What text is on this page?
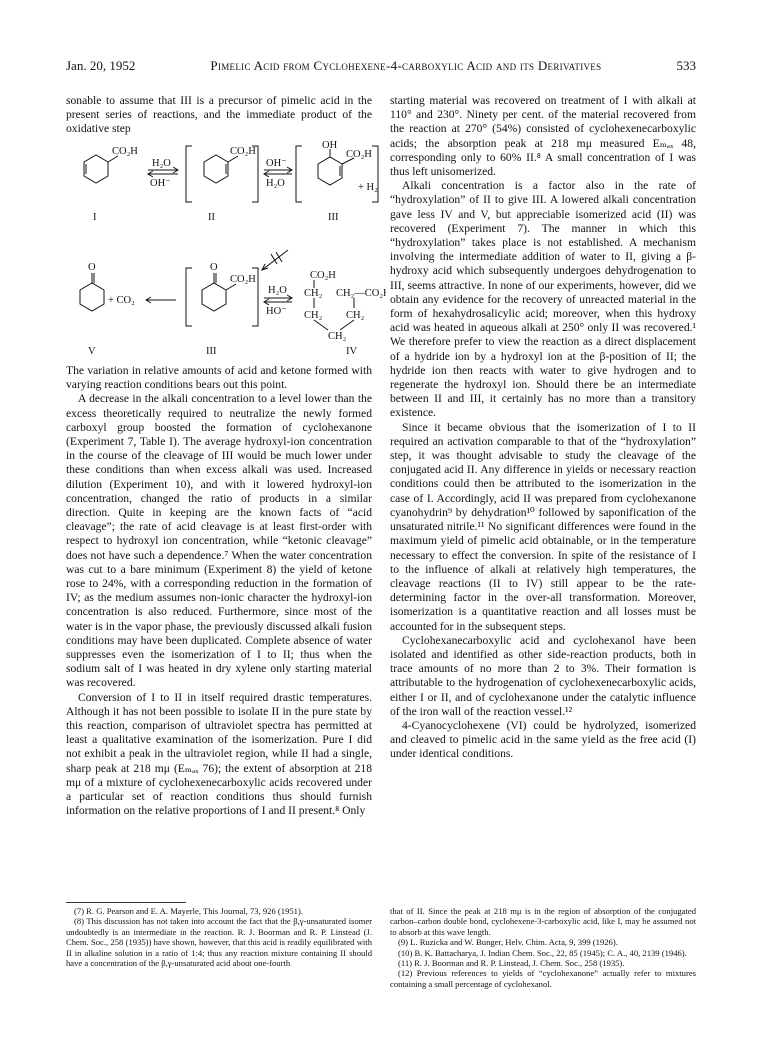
Jan. 20, 1952	Pimelic Acid from Cyclohexene-4-carboxylic Acid and its Derivatives	533

sonable to assume that III is a precursor of pimelic acid in the present series of reactions, and the immediate product of the oxidative step

CO₂H
H₂O
OH⁻
CO₂H
OH⁻
H₂O
OH
CO₂H
+ H₂
I	II	III
O
+ CO₂
O
CO₂H
H₂O
HO⁻
CO₂H
CH₂ CH₂—CO₂H
CH₂ CH₂
CH₂
V	III	IV

The variation in relative amounts of acid and ketone formed with varying reaction conditions bears out this point.

A decrease in the alkali concentration to a level lower than the excess theoretically required to neutralize the newly formed carboxyl group boosted the formation of cyclohexanone (Experiment 7, Table I). The average hydroxyl-ion concentration in the course of the cleavage of III would be much lower under these conditions than when excess alkali was used. Increased dilution (Experiment 10), and with it lowered hydroxyl-ion concentration, changed the ratio of products in a similar direction. Quite in keeping are the known facts of “acid cleavage”; the rate of acid cleavage is at least first-order with respect to hydroxyl ion concentration, while “ketonic cleavage” does not have such a dependence.⁷ When the water concentration was cut to a bare minimum (Experiment 8) the yield of ketone rose to 24%, with a corresponding reduction in the formation of IV; as the medium assumes non-ionic character the hydroxyl-ion concentration is also reduced. Furthermore, since most of the water is in the vapor phase, the previously discussed alkali fusion conditions may have been duplicated. Complete absence of water suppresses even the isomerization of I to II; thus when the sodium salt of I was heated in dry xylene only starting material was recovered.

Conversion of I to II in itself required drastic temperatures. Although it has not been possible to isolate II in the pure state by this reaction, comparison of ultraviolet spectra has permitted at least a qualitative examination of the isomerization. Pure I did not exhibit a peak in the ultraviolet region, while II had a single, sharp peak at 218 mμ (Eₘₐₓ 76); the extent of absorption at 218 mμ of a mixture of cyclohexenecarboxylic acids recovered under a particular set of reaction conditions thus should furnish information on the relative proportions of I and II present.⁸ Only

starting material was recovered on treatment of I with alkali at 110° and 230°. Ninety per cent. of the material recovered from the reaction at 270° (54%) consisted of cyclohexenecarboxylic acids; the absorption peak at 218 mμ measured Eₘₐₓ 48, corresponding only to 60% II.⁸ A small concentration of I was thus left unisomerized.

Alkali concentration is a factor also in the rate of “hydroxylation” of II to give III. A lowered alkali concentration gave less IV and V, but appreciable isomerized acid (II) was recovered (Experiment 7). The manner in which this “hydroxylation” takes place is not established. A mechanism involving the intermediate addition of water to II, giving a β-hydroxy acid which subsequently undergoes dehydrogenation to III, seems attractive. In none of our experiments, however, did we obtain any evidence for the recovery of unreacted material in the form of hexahydrosalicylic acid; moreover, when this hydroxy acid was heated in aqueous alkali at 250° only II was recovered.¹ We therefore prefer to view the reaction as a direct displacement of a hydride ion by a hydroxyl ion at the β-position of II; the hydride ion then reacts with water to give hydrogen and to regenerate the hydroxyl ion. Should there be an intermediate between II and III, it certainly has no more than a transitory existence.

Since it became obvious that the isomerization of I to II required an activation comparable to that of the “hydroxylation” step, it was thought advisable to study the cleavage of the conjugated acid II. Any difference in yields or necessary reaction conditions could then be attributed to the isomerization in the case of I. Accordingly, acid II was prepared from cyclohexanone cyanohydrin⁹ by dehydration¹⁰ followed by saponification of the unsaturated nitrile.¹¹ No significant differences were found in the maximum yield of pimelic acid obtainable, or in the temperature necessary to effect the conversion. In spite of the resistance of I to the influence of alkali at relatively high temperatures, the cleavage reactions (II to IV) still appear to be the rate-determining factor in the over-all transformation. Moreover, isomerization is a quantitative reaction and all losses must be accounted for in the subsequent steps.

Cyclohexanecarboxylic acid and cyclohexanol have been isolated and identified as other side-reaction products, both in trace amounts of no more than 2 to 3%. Their formation is attributable to the hydrogenation of cyclohexenecarboxylic acids, either I or II, and of cyclohexanone under the catalytic influence of the iron wall of the reaction vessel.¹²

4-Cyanocyclohexene (VI) could be hydrolyzed, isomerized and cleaved to pimelic acid in the same yield as the free acid (I) under identical conditions.

(7) R. G. Pearson and E. A. Mayerle, This Journal, 73, 926 (1951).

(8) This discussion has not taken into account the fact that the β,γ-unsaturated isomer undoubtedly is an intermediate in the reaction. R. J. Boorman and R. P. Linstead (J. Chem. Soc., 258 (1935)) have shown, however, that this acid is readily equilibrated with II in alkaline solution in a ratio of 1:4; thus any reaction mixture containing II should have a concentration of the β,γ-unsaturated acid about one-fourth

that of II. Since the peak at 218 mμ is in the region of absorption of the conjugated carbon–carbon double bond, cyclohexene-3-carboxylic acid, like I, may be assumed not to absorb at this wave length.

(9) L. Ruzicka and W. Bunger, Helv. Chim. Acta, 9, 399 (1926).

(10) B. K. Battacharya, J. Indian Chem. Soc., 22, 85 (1945); C. A., 40, 2139 (1946).

(11) R. J. Boorman and R. P. Linstead, J. Chem. Soc., 258 (1935).

(12) Previous references to yields of “cyclohexanone” actually refer to mixtures containing a small percentage of cyclohexanol.
